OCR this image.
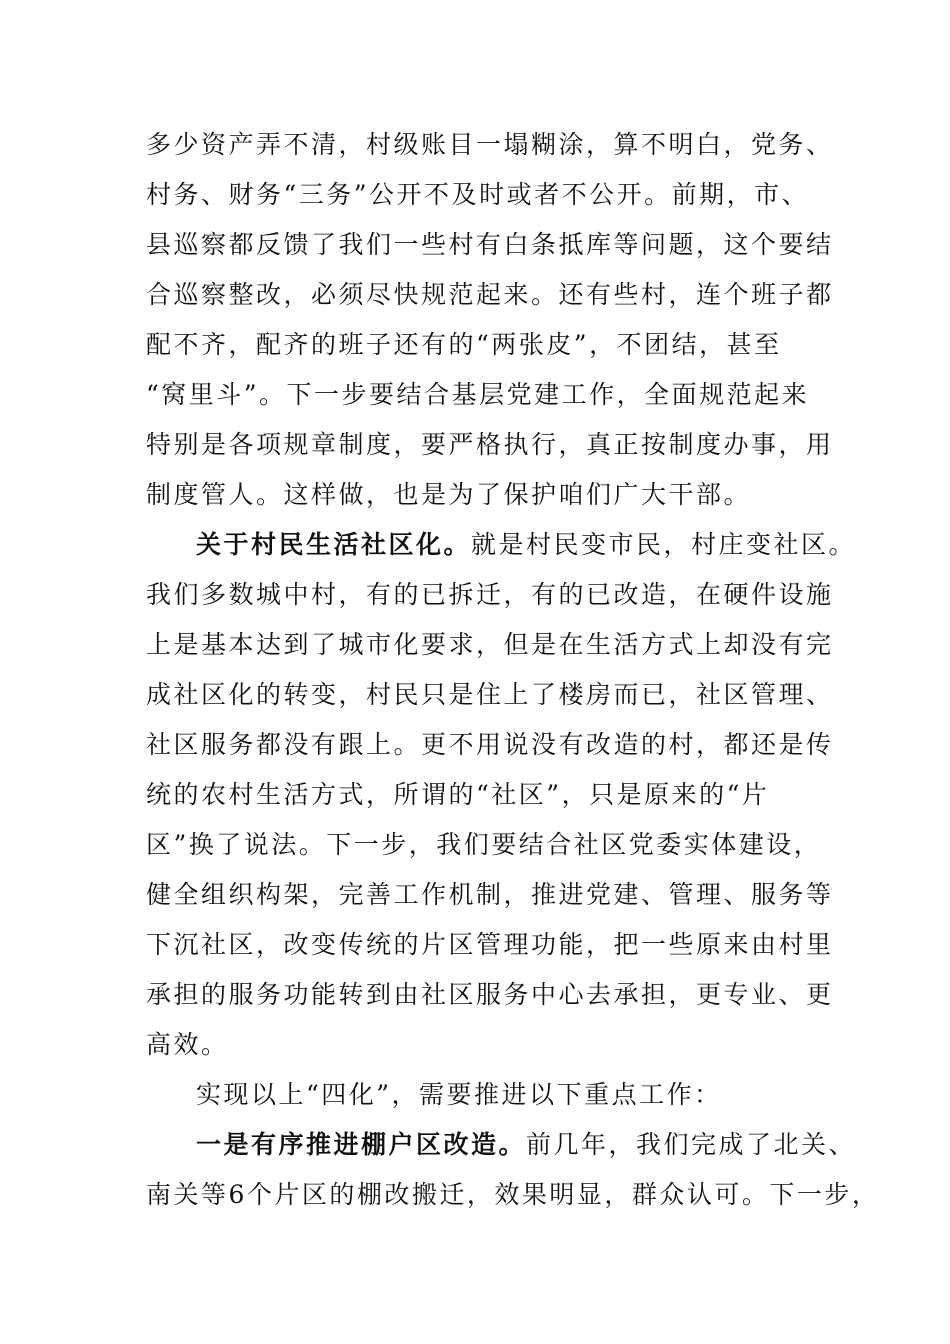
多少资产弄不清，村级账目一塌糊涂，算不明白，党务、
村务、财务“三务”公开不及时或者不公开。前期，市、
县巡察都反馈了我们一些村有白条抵库等问题，这个要结
合巡察整改，必须尽快规范起来。还有些村，连个班子都
配不齐，配齐的班子还有的“两张皮”，不团结，甚至
“窝里斗”。下一步要结合基层党建工作，全面规范起来
特别是各项规章制度，要严格执行，真正按制度办事，用
制度管人。这样做，也是为了保护咱们广大干部。
关于村民生活社区化。就是村民变市民，村庄变社区。
我们多数城中村，有的已拆迁，有的已改造，在硬件设施
上是基本达到了城市化要求，但是在生活方式上却没有完
成社区化的转变，村民只是住上了楼房而已，社区管理、
社区服务都没有跟上。更不用说没有改造的村，都还是传
统的农村生活方式，所谓的“社区”，只是原来的“片
区”换了说法。下一步，我们要结合社区党委实体建设，
健全组织构架，完善工作机制，推进党建、管理、服务等
下沉社区，改变传统的片区管理功能，把一些原来由村里
承担的服务功能转到由社区服务中心去承担，更专业、更
高效。
实现以上“四化”，需要推进以下重点工作：
一是有序推进棚户区改造。前几年，我们完成了北关、
南关等6个片区的棚改搬迁，效果明显，群众认可。下一步，
